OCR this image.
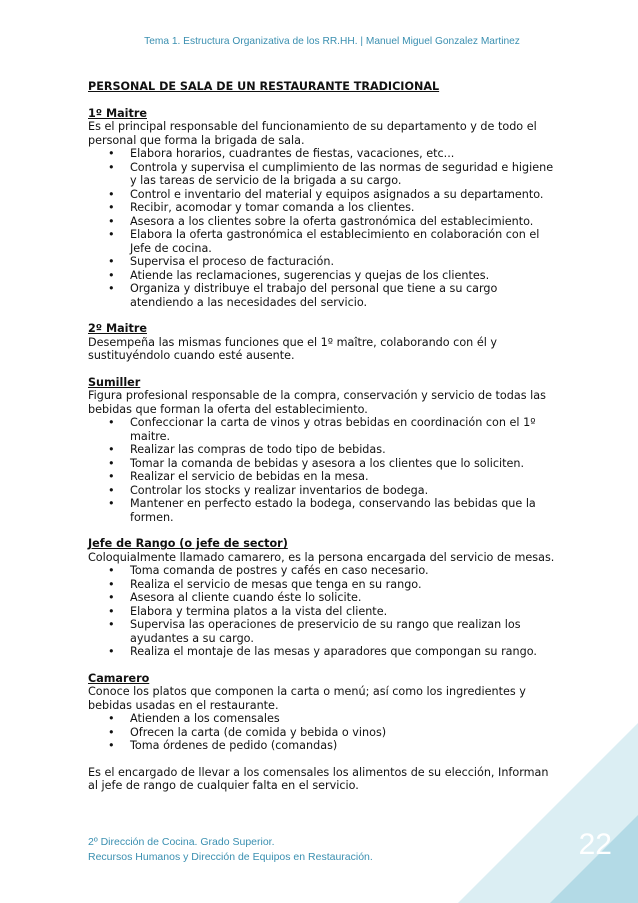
Tema 1. Estructura Organizativa de los RR.HH. | Manuel Miguel Gonzalez Martinez

PERSONAL DE SALA DE UN RESTAURANTE TRADICIONAL

1º Maitre

Es el principal responsable del funcionamiento de su departamento y de todo el personal que forma la brigada de sala.

• Elabora horarios, cuadrantes de fiestas, vacaciones, etc...
• Controla y supervisa el cumplimiento de las normas de seguridad e higiene y las tareas de servicio de la brigada a su cargo.
• Control e inventario del material y equipos asignados a su departamento.
• Recibir, acomodar y tomar comanda a los clientes.
• Asesora a los clientes sobre la oferta gastronómica del establecimiento.
• Elabora la oferta gastronómica el establecimiento en colaboración con el Jefe de cocina.
• Supervisa el proceso de facturación.
• Atiende las reclamaciones, sugerencias y quejas de los clientes.
• Organiza y distribuye el trabajo del personal que tiene a su cargo atendiendo a las necesidades del servicio.

2º Maitre

Desempeña las mismas funciones que el 1º maître, colaborando con él y sustituyéndolo cuando esté ausente.

Sumiller

Figura profesional responsable de la compra, conservación y servicio de todas las bebidas que forman la oferta del establecimiento.

• Confeccionar la carta de vinos y otras bebidas en coordinación con el 1º maitre.
• Realizar las compras de todo tipo de bebidas.
• Tomar la comanda de bebidas y asesora a los clientes que lo soliciten.
• Realizar el servicio de bebidas en la mesa.
• Controlar los stocks y realizar inventarios de bodega.
• Mantener en perfecto estado la bodega, conservando las bebidas que la formen.

Jefe de Rango (o jefe de sector)

Coloquialmente llamado camarero, es la persona encargada del servicio de mesas.

• Toma comanda de postres y cafés en caso necesario.
• Realiza el servicio de mesas que tenga en su rango.
• Asesora al cliente cuando éste lo solicite.
• Elabora y termina platos a la vista del cliente.
• Supervisa las operaciones de preservicio de su rango que realizan los ayudantes a su cargo.
• Realiza el montaje de las mesas y aparadores que compongan su rango.

Camarero

Conoce los platos que componen la carta o menú; así como los ingredientes y bebidas usadas en el restaurante.

• Atienden a los comensales
• Ofrecen la carta (de comida y bebida o vinos)
• Toma órdenes de pedido (comandas)

Es el encargado de llevar a los comensales los alimentos de su elección, Informan al jefe de rango de cualquier falta en el servicio.

22
2º Dirección de Cocina. Grado Superior.
Recursos Humanos y Dirección de Equipos en Restauración.
